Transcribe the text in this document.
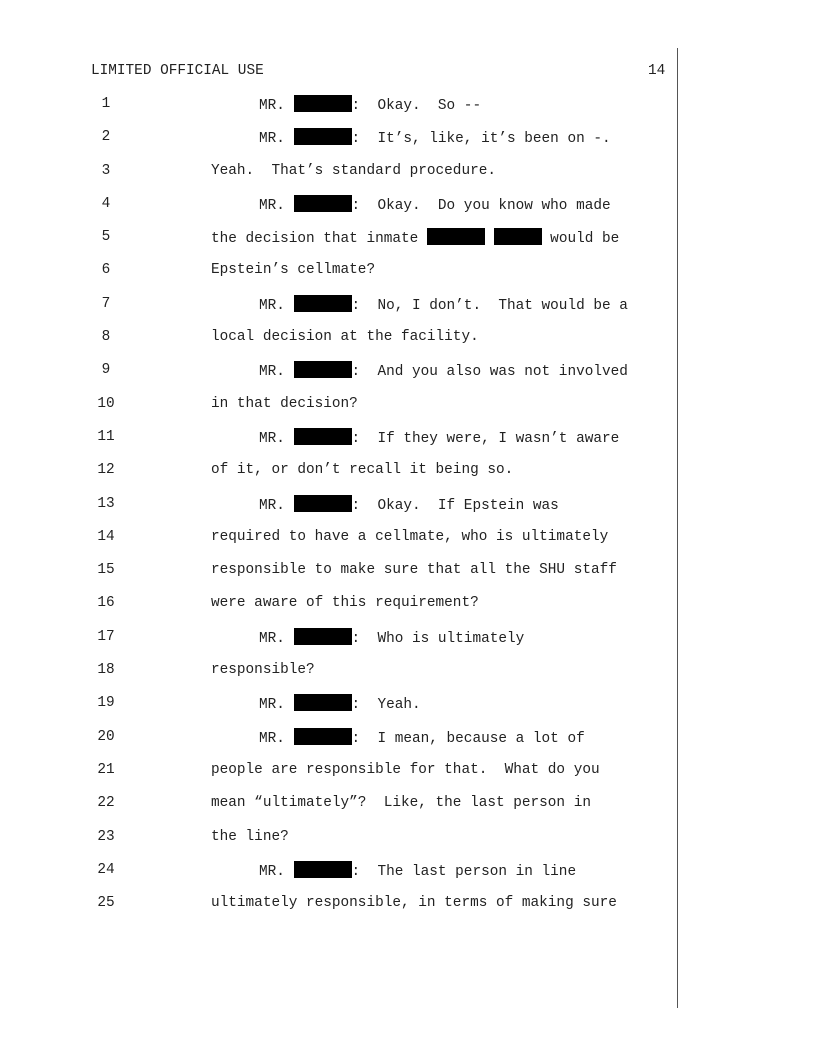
LIMITED OFFICIAL USE	14
1	MR.	:  Okay.  So --
2	MR.	:  It’s, like, it’s been on -.
3	Yeah.  That’s standard procedure.
4	MR.	:  Okay.  Do you know who made
5	the decision that inmate	would be
6	Epstein’s cellmate?
7	MR.	:  No, I don’t.  That would be a
8	local decision at the facility.
9	MR.	:  And you also was not involved
10	in that decision?
11	MR.	:  If they were, I wasn’t aware
12	of it, or don’t recall it being so.
13	MR.	:  Okay.  If Epstein was
14	required to have a cellmate, who is ultimately
15	responsible to make sure that all the SHU staff
16	were aware of this requirement?
17	MR.	:  Who is ultimately
18	responsible?
19	MR.	:  Yeah.
20	MR.	:  I mean, because a lot of
21	people are responsible for that.  What do you
22	mean “ultimately”?  Like, the last person in
23	the line?
24	MR.	:  The last person in line
25	ultimately responsible, in terms of making sure
